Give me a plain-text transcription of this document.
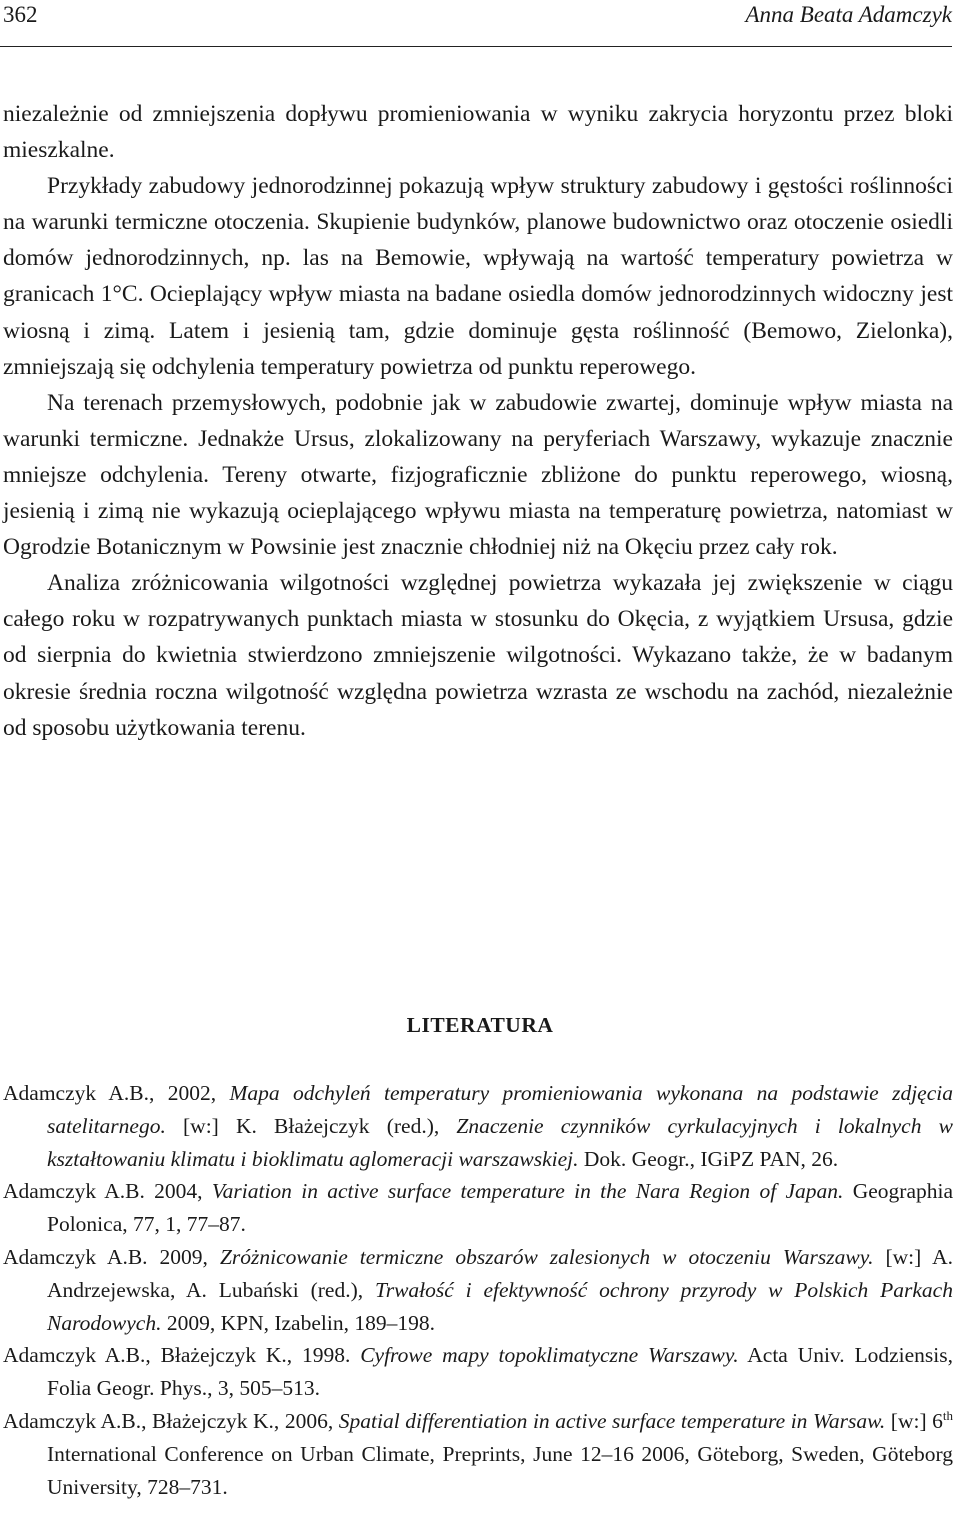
362	Anna Beata Adamczyk

niezależnie od zmniejszenia dopływu promieniowania w wyniku zakrycia horyzontu przez bloki mieszkalne.

Przykłady zabudowy jednorodzinnej pokazują wpływ struktury zabudowy i gęstości roślinności na warunki termiczne otoczenia. Skupienie budynków, planowe budownictwo oraz otoczenie osiedli domów jednorodzinnych, np. las na Bemowie, wpływają na wartość temperatury powietrza w granicach 1°C. Ocieplający wpływ miasta na badane osiedla domów jednorodzinnych widoczny jest wiosną i zimą. Latem i jesienią tam, gdzie dominuje gęsta roślinność (Bemowo, Zielonka), zmniejszają się odchylenia temperatury powietrza od punktu reperowego.

Na terenach przemysłowych, podobnie jak w zabudowie zwartej, dominuje wpływ miasta na warunki termiczne. Jednakże Ursus, zlokalizowany na peryferiach Warszawy, wykazuje znacznie mniejsze odchylenia. Tereny otwarte, fizjograficznie zbliżone do punktu reperowego, wiosną, jesienią i zimą nie wykazują ocieplającego wpływu miasta na temperaturę powietrza, natomiast w Ogrodzie Botanicznym w Powsinie jest znacznie chłodniej niż na Okęciu przez cały rok.

Analiza zróżnicowania wilgotności względnej powietrza wykazała jej zwiększenie w ciągu całego roku w rozpatrywanych punktach miasta w stosunku do Okęcia, z wyjątkiem Ursusa, gdzie od sierpnia do kwietnia stwierdzono zmniejszenie wilgotności. Wykazano także, że w badanym okresie średnia roczna wilgotność względna powietrza wzrasta ze wschodu na zachód, niezależnie od sposobu użytkowania terenu.

LITERATURA

Adamczyk A.B., 2002, Mapa odchyleń temperatury promieniowania wykonana na podstawie zdjęcia satelitarnego. [w:] K. Błażejczyk (red.), Znaczenie czynników cyrkulacyjnych i lokalnych w kształtowaniu klimatu i bioklimatu aglomeracji warszawskiej. Dok. Geogr., IGiPZ PAN, 26.

Adamczyk A.B. 2004, Variation in active surface temperature in the Nara Region of Japan. Geographia Polonica, 77, 1, 77–87.

Adamczyk A.B. 2009, Zróżnicowanie termiczne obszarów zalesionych w otoczeniu Warszawy. [w:] A. Andrzejewska, A. Lubański (red.), Trwałość i efektywność ochrony przyrody w Polskich Parkach Narodowych. 2009, KPN, Izabelin, 189–198.

Adamczyk A.B., Błażejczyk K., 1998. Cyfrowe mapy topoklimatyczne Warszawy. Acta Univ. Lodziensis, Folia Geogr. Phys., 3, 505–513.

Adamczyk A.B., Błażejczyk K., 2006, Spatial differentiation in active surface temperature in Warsaw. [w:] 6th International Conference on Urban Climate, Preprints, June 12–16 2006, Göteborg, Sweden, Göteborg University, 728–731.
